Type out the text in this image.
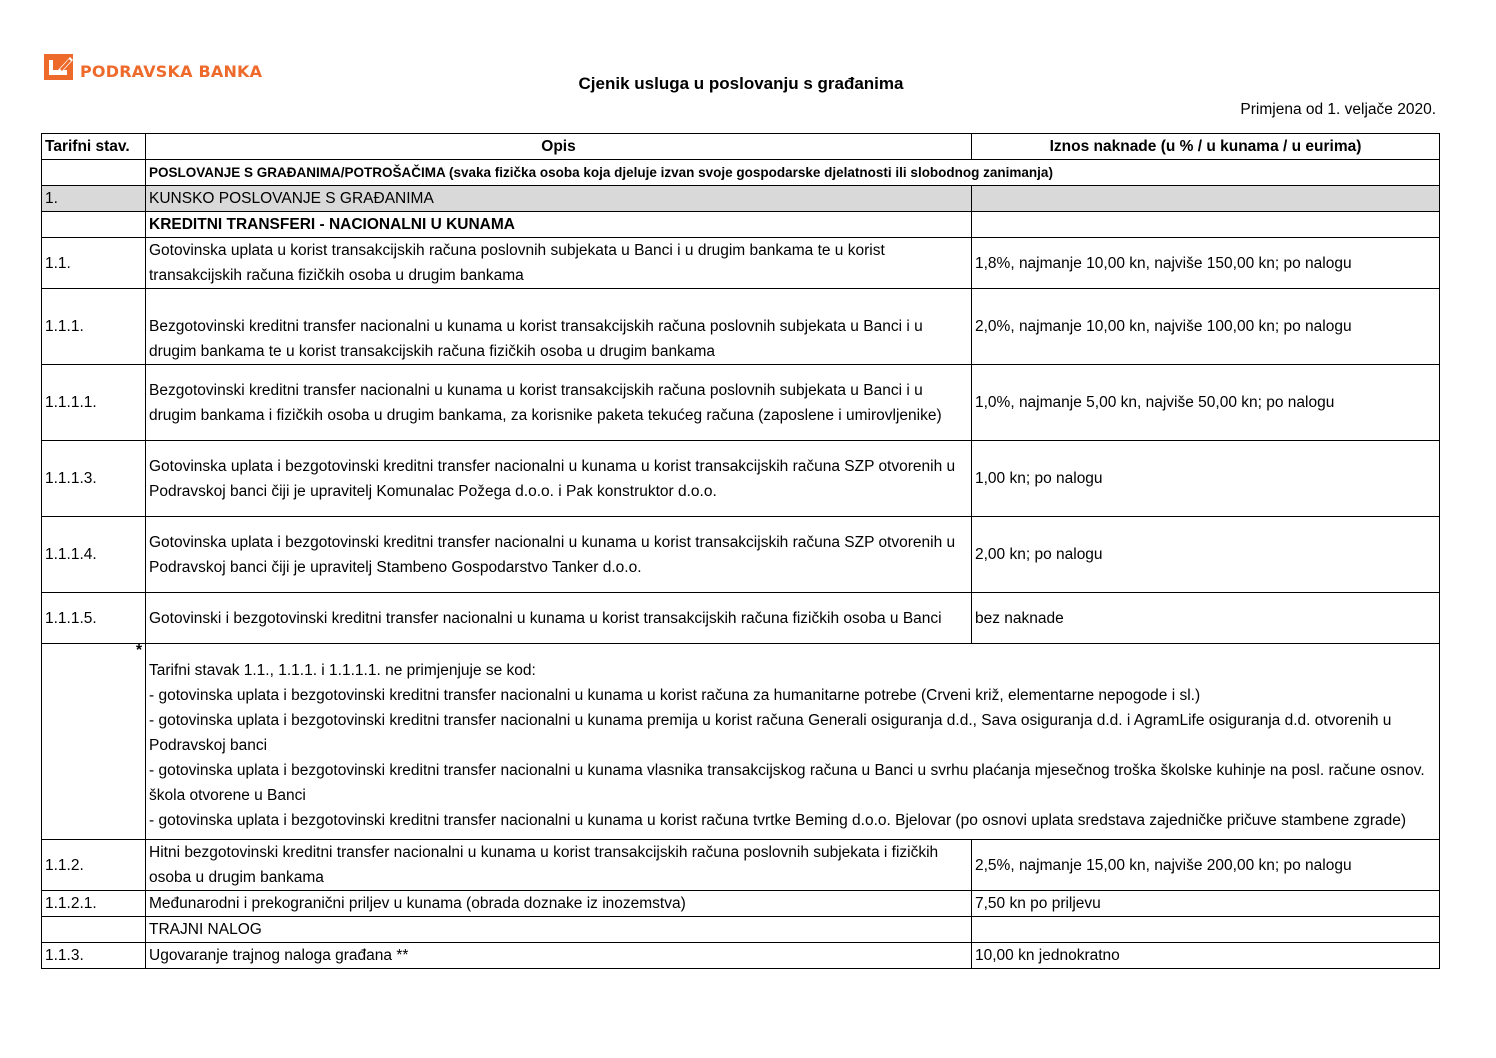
PODRAVSKA BANKA
Cjenik usluga u poslovanju s građanima
Primjena od 1. veljače 2020.
Tarifni stav.	Opis	Iznos naknade (u % / u kunama / u eurima)
	POSLOVANJE S GRAĐANIMA/POTROŠAČIMA (svaka fizička osoba koja djeluje izvan svoje gospodarske djelatnosti ili slobodnog zanimanja)	
1.	KUNSKO POSLOVANJE S GRAĐANIMA	
	KREDITNI TRANSFERI - NACIONALNI U KUNAMA	
1.1.	Gotovinska uplata u korist transakcijskih računa poslovnih subjekata u Banci i u drugim bankama te u korist transakcijskih računa fizičkih osoba u drugim bankama	1,8%, najmanje 10,00 kn, najviše 150,00 kn; po nalogu
1.1.1.	Bezgotovinski kreditni transfer nacionalni u kunama u korist transakcijskih računa poslovnih subjekata u Banci i u drugim bankama te u korist transakcijskih računa fizičkih osoba u drugim bankama	2,0%, najmanje 10,00 kn, najviše 100,00 kn; po nalogu
1.1.1.1.	Bezgotovinski kreditni transfer nacionalni u kunama u korist transakcijskih računa poslovnih subjekata u Banci i u drugim bankama i fizičkih osoba u drugim bankama, za korisnike paketa tekućeg računa (zaposlene i umirovljenike)	1,0%, najmanje 5,00 kn, najviše 50,00 kn; po nalogu
1.1.1.3.	Gotovinska uplata i bezgotovinski kreditni transfer nacionalni u kunama u korist transakcijskih računa SZP otvorenih u Podravskoj banci čiji je upravitelj Komunalac Požega d.o.o. i Pak konstruktor d.o.o.	1,00 kn; po nalogu
1.1.1.4.	Gotovinska uplata i bezgotovinski kreditni transfer nacionalni u kunama u korist transakcijskih računa SZP otvorenih u Podravskoj banci čiji je upravitelj Stambeno Gospodarstvo Tanker d.o.o.	2,00 kn; po nalogu
1.1.1.5.	Gotovinski i bezgotovinski kreditni transfer nacionalni u kunama u korist transakcijskih računa fizičkih osoba u Banci	bez naknade
*	Tarifni stavak 1.1., 1.1.1. i 1.1.1.1. ne primjenjuje se kod:
- gotovinska uplata i bezgotovinski kreditni transfer nacionalni u kunama u korist računa za humanitarne potrebe (Crveni križ, elementarne nepogode i sl.)
- gotovinska uplata i bezgotovinski kreditni transfer nacionalni u kunama premija u korist računa Generali osiguranja d.d., Sava osiguranja d.d. i AgramLife osiguranja d.d. otvorenih u Podravskoj banci
- gotovinska uplata i bezgotovinski kreditni transfer nacionalni u kunama vlasnika transakcijskog računa u Banci u svrhu plaćanja mjesečnog troška školske kuhinje na posl. račune osnov. škola otvorene u Banci
- gotovinska uplata i bezgotovinski kreditni transfer nacionalni u kunama u korist računa tvrtke Beming d.o.o. Bjelovar (po osnovi uplata sredstava zajedničke pričuve stambene zgrade)	

1.1.2.	Hitni bezgotovinski kreditni transfer nacionalni u kunama u korist transakcijskih računa poslovnih subjekata i fizičkih osoba u drugim bankama	2,5%, najmanje 15,00 kn, najviše 200,00 kn; po nalogu
1.1.2.1.	Međunarodni i prekogranični priljev u kunama (obrada doznake iz inozemstva)	7,50 kn po priljevu
	TRAJNI NALOG	
1.1.3.	Ugovaranje trajnog naloga građana **	10,00 kn jednokratno
